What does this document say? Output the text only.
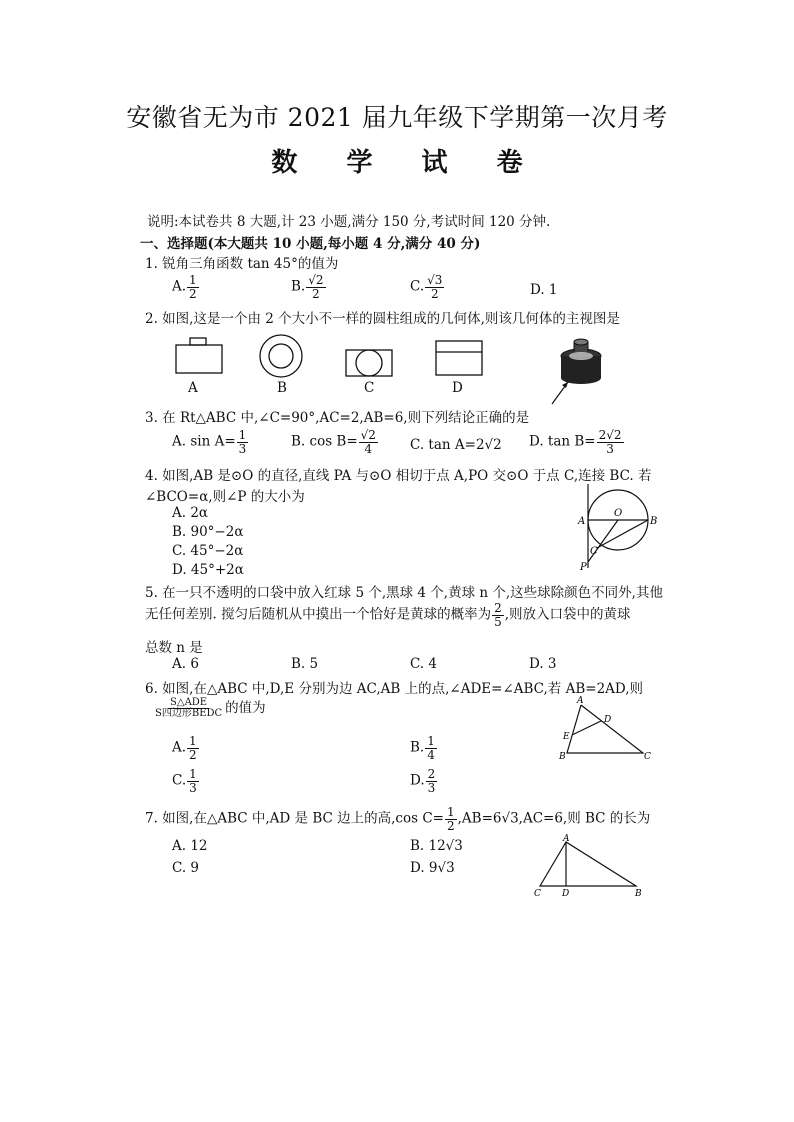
安徽省无为市 2021 届九年级下学期第一次月考
数 学 试 卷
说明:本试卷共 8 大题,计 23 小题,满分 150 分,考试时间 120 分钟.
一、选择题(本大题共 10 小题,每小题 4 分,满分 40 分)
1. 锐角三角函数 tan 45°的值为
A. $\frac{1}{2}$	B. $\frac{√2}{2}$	C. $\frac{√3}{2}$	D. 1
2. 如图,这是一个由 2 个大小不一样的圆柱组成的几何体,则该几何体的主视图是
A	B	C	D
3. 在 Rt△ABC 中,∠C=90°,AC=2,AB=6,则下列结论正确的是
A. $\sin A= \frac{1}{3}$	B. $\cos B= \frac{√2}{4} C$. tan A=2√2 D. $\tan B= \frac{2√2}{3}$
4. 如图,AB 是⊙O 的直径,直线 PA 与⊙O 相切于点 A,PO 交⊙O 于点 C,连接 BC. 若
∠BCO=α,则∠P 的大小为
A. 2α
B. 90°−2α
C. 45°−2α
D. 45°+2α
A	B
O
C
P
5. 在一只不透明的口袋中放入红球 5 个,黑球 4 个,黄球 n 个,这些球除颜色不同外,其他
无任何差别. 搅匀后随机从中摸出一个恰好是黄球的概率为 $\frac{2}{5}$ ,则放入口袋中的黄球
总数 n 是
A. 6	B. 5	C. 4	D. 3
6. 如图,在△ABC 中,D,E 分别为边 AC,AB 上的点,∠ADE=∠ABC,若 AB=2AD,则
$\frac{\text{S△ADE}}{\text{S四边形BEDC}}$ 的值为
A. $\frac{1}{2}$	B. $\frac{1}{4}$
C. $\frac{1}{3}$	D. $\frac{2}{3}$
A
B	C
D
E
7. 如图,在△ABC 中,AD 是 BC 边上的高,cos $C= \frac{1}{2} ,AB=6√3,AC=6$,则 BC 的长为
A. 12	B. 12√3
C. 9	D. 9√3
A
B
C D
